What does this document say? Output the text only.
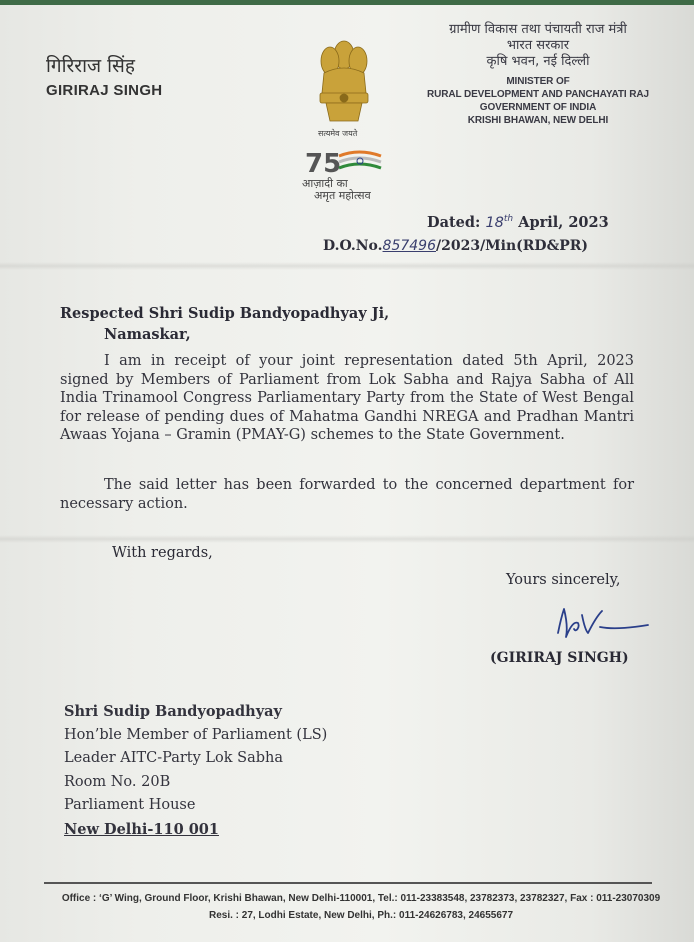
गिरिराज सिंह
GIRIRAJ SINGH
सत्यमेव जयते
75
आज़ादी का
अमृत महोत्सव
ग्रामीण विकास तथा पंचायती राज मंत्री
भारत सरकार
कृषि भवन, नई दिल्ली
MINISTER OF
RURAL DEVELOPMENT AND PANCHAYATI RAJ
GOVERNMENT OF INDIA
KRISHI BHAWAN, NEW DELHI
Dated: 18th April, 2023
D.O.No.857496/2023/Min(RD&PR)
Respected Shri Sudip Bandyopadhyay Ji,
Namaskar,
I am in receipt of your joint representation dated 5th April, 2023 signed by Members of Parliament from Lok Sabha and Rajya Sabha of All India Trinamool Congress Parliamentary Party from the State of West Bengal for release of pending dues of Mahatma Gandhi NREGA and Pradhan Mantri Awaas Yojana – Gramin (PMAY-G) schemes to the State Government.
The said letter has been forwarded to the concerned department for necessary action.
With regards,
Yours sincerely,
(GIRIRAJ SINGH)
Shri Sudip Bandyopadhyay
Hon’ble Member of Parliament (LS)
Leader AITC-Party Lok Sabha
Room No. 20B
Parliament House
New Delhi-110 001
Office : ‘G’ Wing, Ground Floor, Krishi Bhawan, New Delhi-110001, Tel.: 011-23383548, 23782373, 23782327, Fax : 011-23070309
Resi. : 27, Lodhi Estate, New Delhi, Ph.: 011-24626783, 24655677
